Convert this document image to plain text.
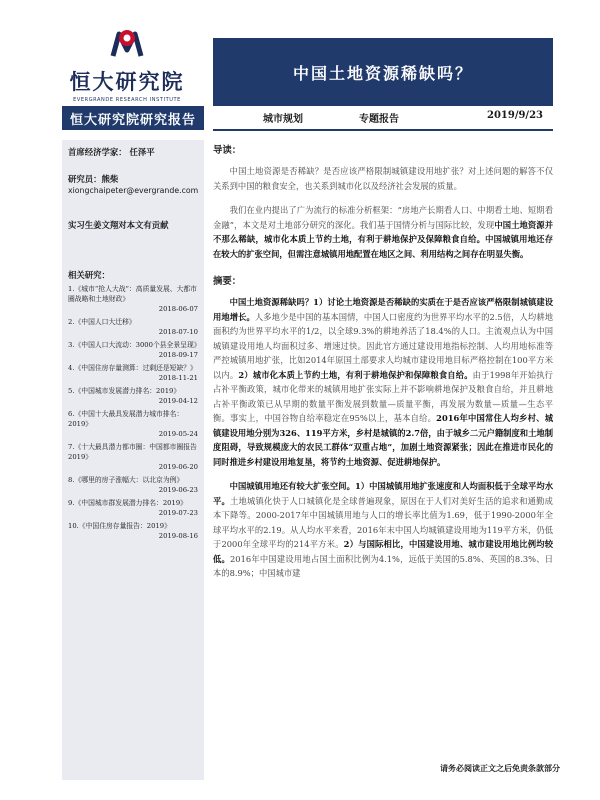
恒大研究院
EVERGRANDE RESEARCH INSTITUTE
中国土地资源稀缺吗？
恒大研究院研究报告	城市规划	专题报告	2019/9/23
首席经济学家： 任泽平
研究员：熊柴
xiongchaipeter@evergrande.com
实习生姜文翔对本文有贡献
相关研究：
1.《城市“抢人大战”：高质量发展、大都市圈战略和土地财政》
2018-06-07
2.《中国人口大迁移》
2018-07-10
3.《中国人口大流动：3000个县全景呈现》
2018-09-17
4.《中国住房存量测算：过剩还是短缺？》
2018-11-21
5.《中国城市发展潜力排名：2019》
2019-04-12
6.《中国十大最具发展潜力城市排名：2019》
2019-05-24
7.《十大最具潜力都市圈：中国都市圈报告2019》
2019-06-20
8.《哪里的房子涨幅大：以北京为例》
2019-06-23
9.《中国城市群发展潜力排名：2019》
2019-07-23
10.《中国住房存量报告：2019》
2019-08-16
导读：

中国土地资源是否稀缺？是否应该严格限制城镇建设用地扩张？对上述问题的解答不仅关系到中国的粮食安全，也关系到城市化以及经济社会发展的质量。

我们在业内提出了广为流行的标准分析框架：“房地产长期看人口、中期看土地、短期看金融”，本文是对土地部分研究的深化。我们基于国情分析与国际比较，发现中国土地资源并不那么稀缺，城市化本质上节约土地，有利于耕地保护及保障粮食自给。中国城镇用地还存在较大的扩张空间，但需注意城镇用地配置在地区之间、利用结构之间存在明显失衡。

摘要：

中国土地资源稀缺吗？1）讨论土地资源是否稀缺的实质在于是否应该严格限制城镇建设用地增长。人多地少是中国的基本国情，中国人口密度约为世界平均水平的2.5倍，人均耕地面积约为世界平均水平的1/2，以全球9.3%的耕地养活了18.4%的人口。主流观点认为中国城镇建设用地人均面积过多、增速过快。因此官方通过建设用地指标控制、人均用地标准等严控城镇用地扩张，比如2014年原国土部要求人均城市建设用地目标严格控制在100平方米以内。2）城市化本质上节约土地，有利于耕地保护和保障粮食自给。由于1998年开始执行占补平衡政策，城市化带来的城镇用地扩张实际上并不影响耕地保护及粮食自给，并且耕地占补平衡政策已从早期的数量平衡发展到数量—质量平衡，再发展为数量—质量—生态平衡。事实上，中国谷物自给率稳定在95%以上，基本自给。2016年中国常住人均乡村、城镇建设用地分别为326、119平方米，乡村是城镇的2.7倍，由于城乡二元户籍制度和土地制度阻碍，导致规模庞大的农民工群体“双重占地”，加剧土地资源紧张；因此在推进市民化的同时推进乡村建设用地复垦，将节约土地资源、促进耕地保护。

中国城镇用地还有较大扩张空间。1）中国城镇用地扩张速度和人均面积低于全球平均水平。土地城镇化快于人口城镇化是全球普遍现象，原因在于人们对美好生活的追求和通勤成本下降等。2000-2017年中国城镇用地与人口的增长率比值为1.69，低于1990-2000年全球平均水平的2.19。从人均水平来看，2016年末中国人均城镇建设用地为119平方米，仍低于2000年全球平均的214平方米。2）与国际相比，中国建设用地、城市建设用地比例均较低。2016年中国建设用地占国土面积比例为4.1%，远低于美国的5.8%、英国的8.3%、日本的8.9%；中国城市建

请务必阅读正文之后免责条款部分
